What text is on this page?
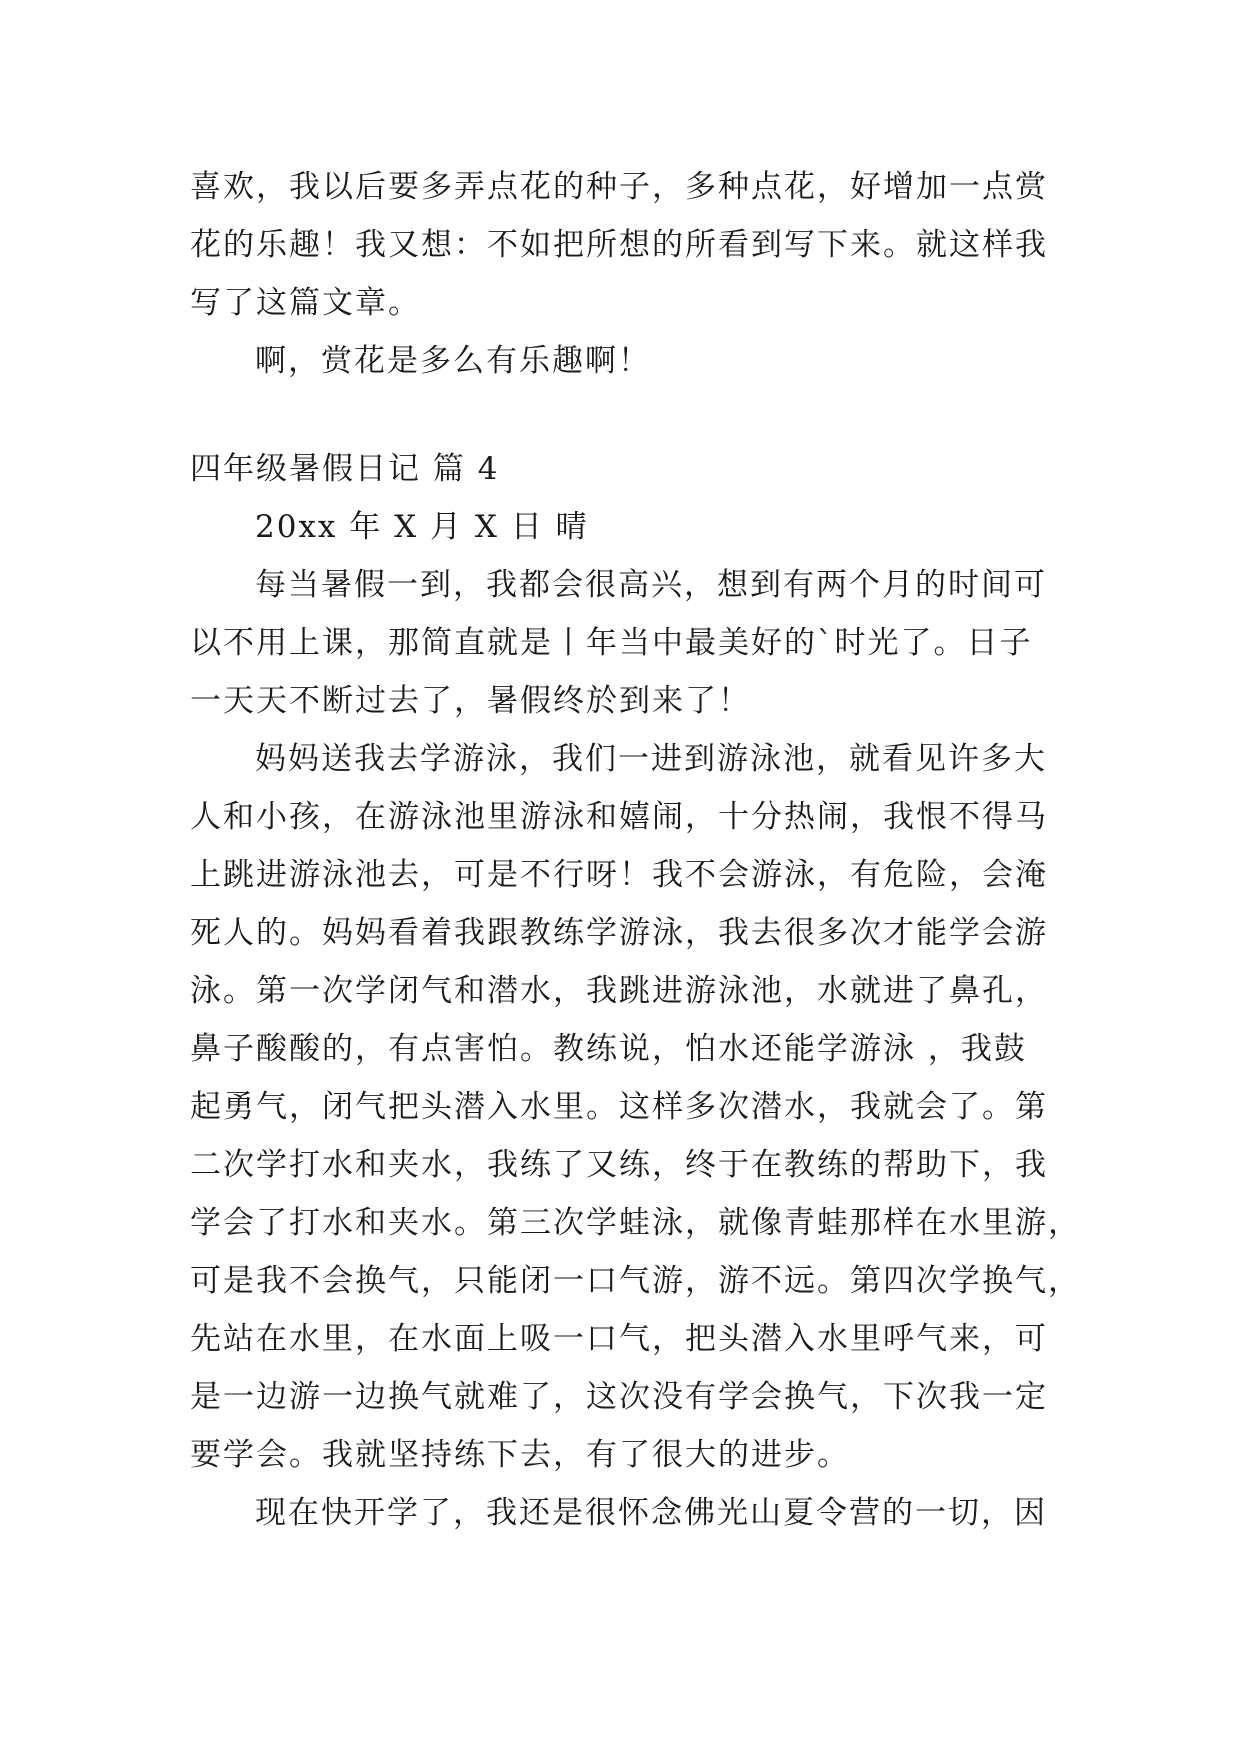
喜欢，我以后要多弄点花的种子，多种点花，好增加一点赏
花的乐趣！我又想：不如把所想的所看到写下来。就这样我
写了这篇文章。
啊，赏花是多么有乐趣啊！
四年级暑假日记 篇 4
20xx 年 X 月 X 日 晴
每当暑假一到，我都会很高兴，想到有两个月的时间可
以不用上课，那简直就是丨年当中最美好的`时光了。日子
一天天不断过去了，暑假终於到来了！
妈妈送我去学游泳，我们一进到游泳池，就看见许多大
人和小孩，在游泳池里游泳和嬉闹，十分热闹，我恨不得马
上跳进游泳池去，可是不行呀！我不会游泳，有危险，会淹
死人的。妈妈看着我跟教练学游泳，我去很多次才能学会游
泳。第一次学闭气和潜水，我跳进游泳池，水就进了鼻孔，
鼻子酸酸的，有点害怕。教练说，怕水还能学游泳 ，我鼓
起勇气，闭气把头潜入水里。这样多次潜水，我就会了。第
二次学打水和夹水，我练了又练，终于在教练的帮助下，我
学会了打水和夹水。第三次学蛙泳，就像青蛙那样在水里游，
可是我不会换气，只能闭一口气游，游不远。第四次学换气，
先站在水里，在水面上吸一口气，把头潜入水里呼气来，可
是一边游一边换气就难了，这次没有学会换气，下次我一定
要学会。我就坚持练下去，有了很大的进步。
现在快开学了，我还是很怀念佛光山夏令营的一切，因
